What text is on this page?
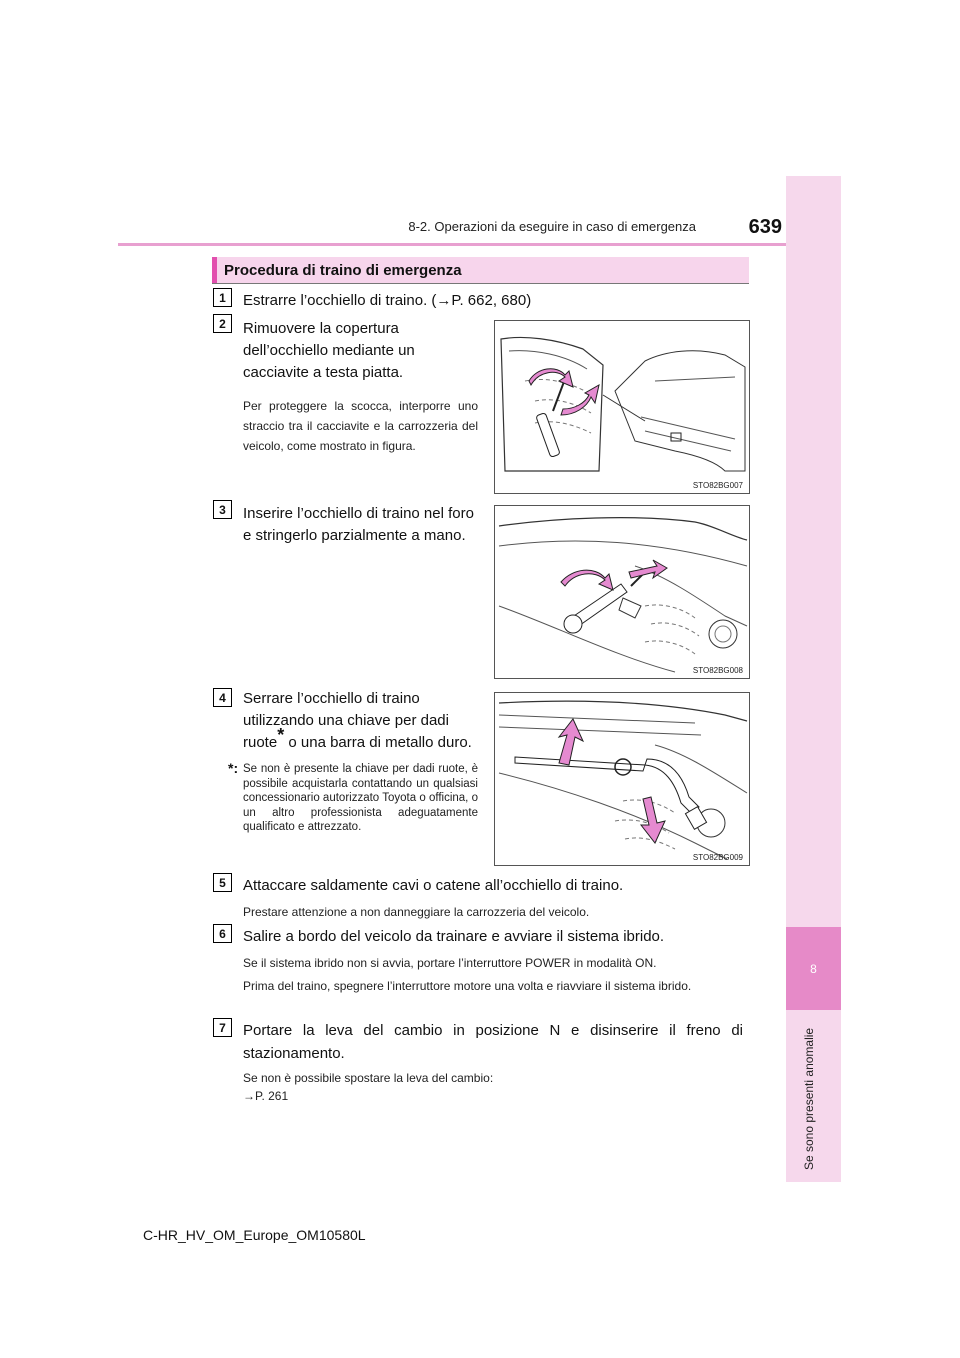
8-2. Operazioni da eseguire in caso di emergenza	639
8
Se sono presenti anomalie
Procedura di traino di emergenza
1	Estrarre l’occhiello di traino. (→P. 662, 680)
2	Rimuovere la copertura
dell’occhiello mediante un
cacciavite a testa piatta.
Per proteggere la scocca, interporre uno straccio tra il cacciavite e la carrozzeria del veicolo, come mostrato in figura.
STO82BG007
3	Inserire l’occhiello di traino nel foro
e stringerlo parzialmente a mano.
STO82BG008
4	Serrare l’occhiello di traino
utilizzando una chiave per dadi
ruote* o una barra di metallo duro.
*: Se non è presente la chiave per dadi ruote, è possibile acquistarla contattando un qualsiasi concessionario autorizzato Toyota o officina, o un altro professionista adeguatamente qualificato e attrezzato.
STO82BG009
5	Attaccare saldamente cavi o catene all’occhiello di traino.
Prestare attenzione a non danneggiare la carrozzeria del veicolo.
6	Salire a bordo del veicolo da trainare e avviare il sistema ibrido.
Se il sistema ibrido non si avvia, portare l’interruttore POWER in modalità ON.
Prima del traino, spegnere l’interruttore motore una volta e riavviare il sistema ibrido.
7	Portare la leva del cambio in posizione N e disinserire il freno di stazionamento.
Se non è possibile spostare la leva del cambio:
→P. 261
C-HR_HV_OM_Europe_OM10580L
